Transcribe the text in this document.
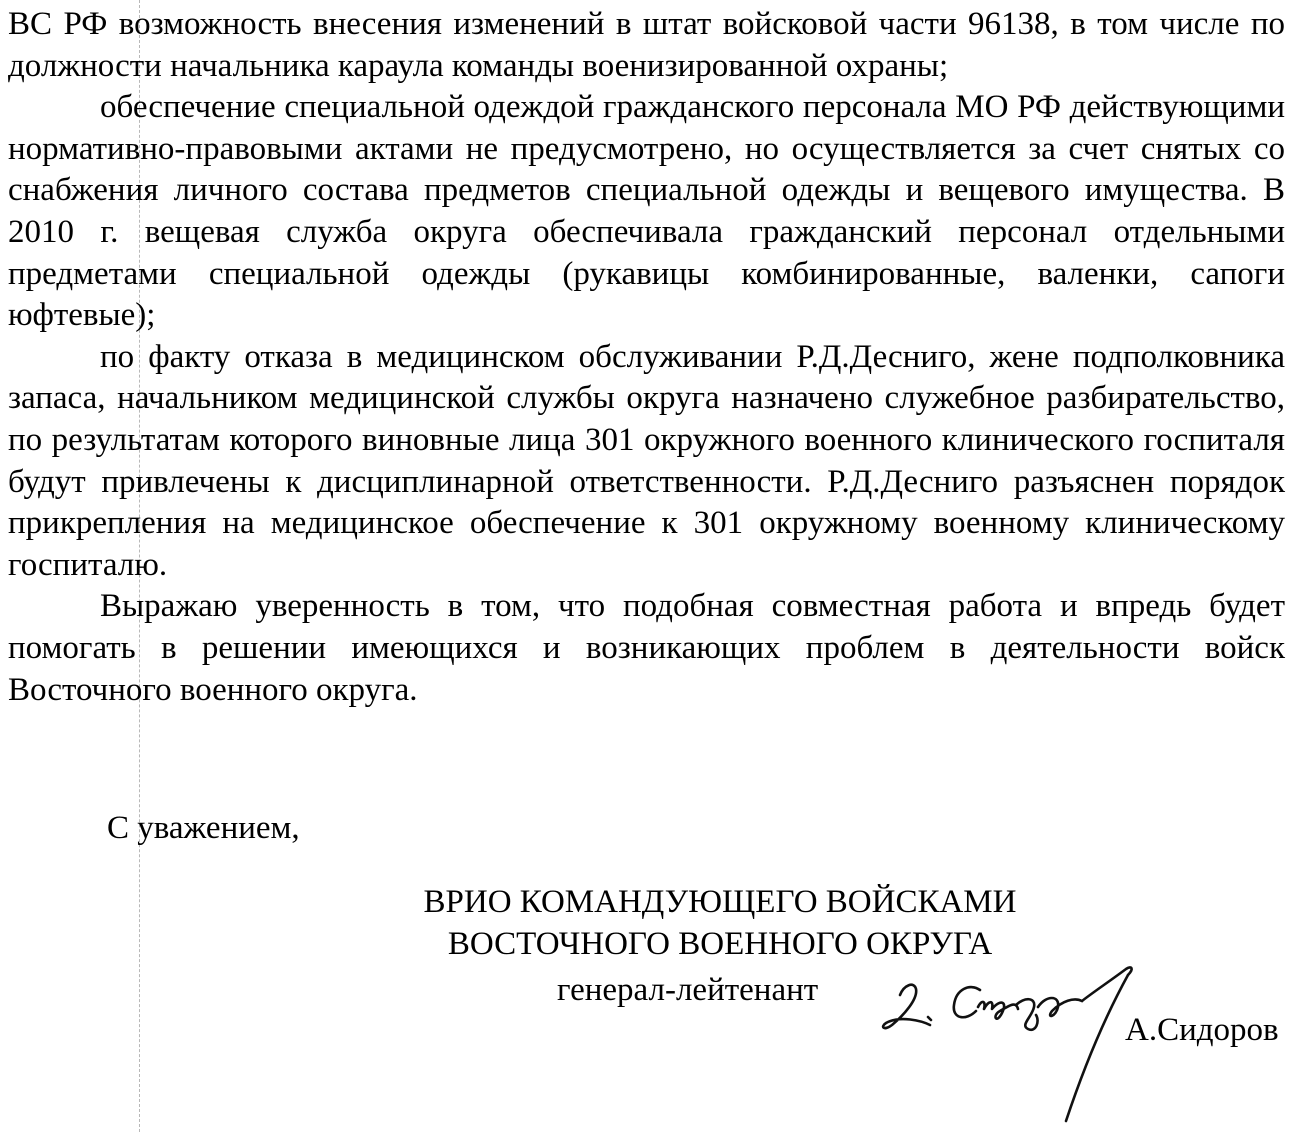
ВС РФ возможность внесения изменений в штат войсковой части 96138, в том числе по должности начальника караула команды военизированной охраны;

обеспечение специальной одеждой гражданского персонала МО РФ действующими нормативно-правовыми актами не предусмотрено, но осуществляется за счет снятых со снабжения личного состава предметов специальной одежды и вещевого имущества. В 2010 г. вещевая служба округа обеспечивала гражданский персонал отдельными предметами специальной одежды (рукавицы комбинированные, валенки, сапоги юфтевые);

по факту отказа в медицинском обслуживании Р.Д.Десниго, жене подполковника запаса, начальником медицинской службы округа назначено служебное разбирательство, по результатам которого виновные лица 301 окружного военного клинического госпиталя будут привлечены к дисциплинарной ответственности. Р.Д.Десниго разъяснен порядок прикрепления на медицинское обеспечение к 301 окружному военному клиническому госпиталю.

Выражаю уверенность в том, что подобная совместная работа и впредь будет помогать в решении имеющихся и возникающих проблем в деятельности войск Восточного военного округа.

С уважением,

ВРИО КОМАНДУЮЩЕГО ВОЙСКАМИ

ВОСТОЧНОГО ВОЕННОГО ОКРУГА

генерал-лейтенант

А.Сидоров
